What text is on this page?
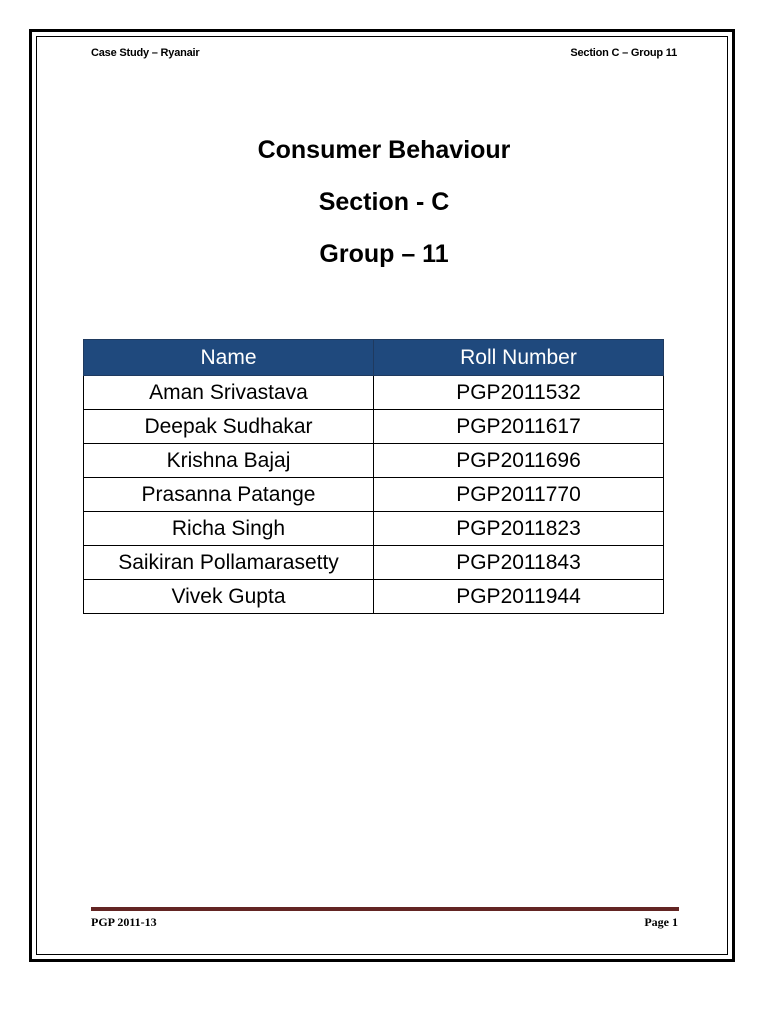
Case Study – Ryanair	Section C – Group 11
Consumer Behaviour
Section - C
Group – 11
Name	Roll Number
Aman Srivastava	PGP2011532
Deepak Sudhakar	PGP2011617
Krishna Bajaj	PGP2011696
Prasanna Patange	PGP2011770
Richa Singh	PGP2011823
Saikiran Pollamarasetty	PGP2011843
Vivek Gupta	PGP2011944
PGP 2011-13	Page 1
